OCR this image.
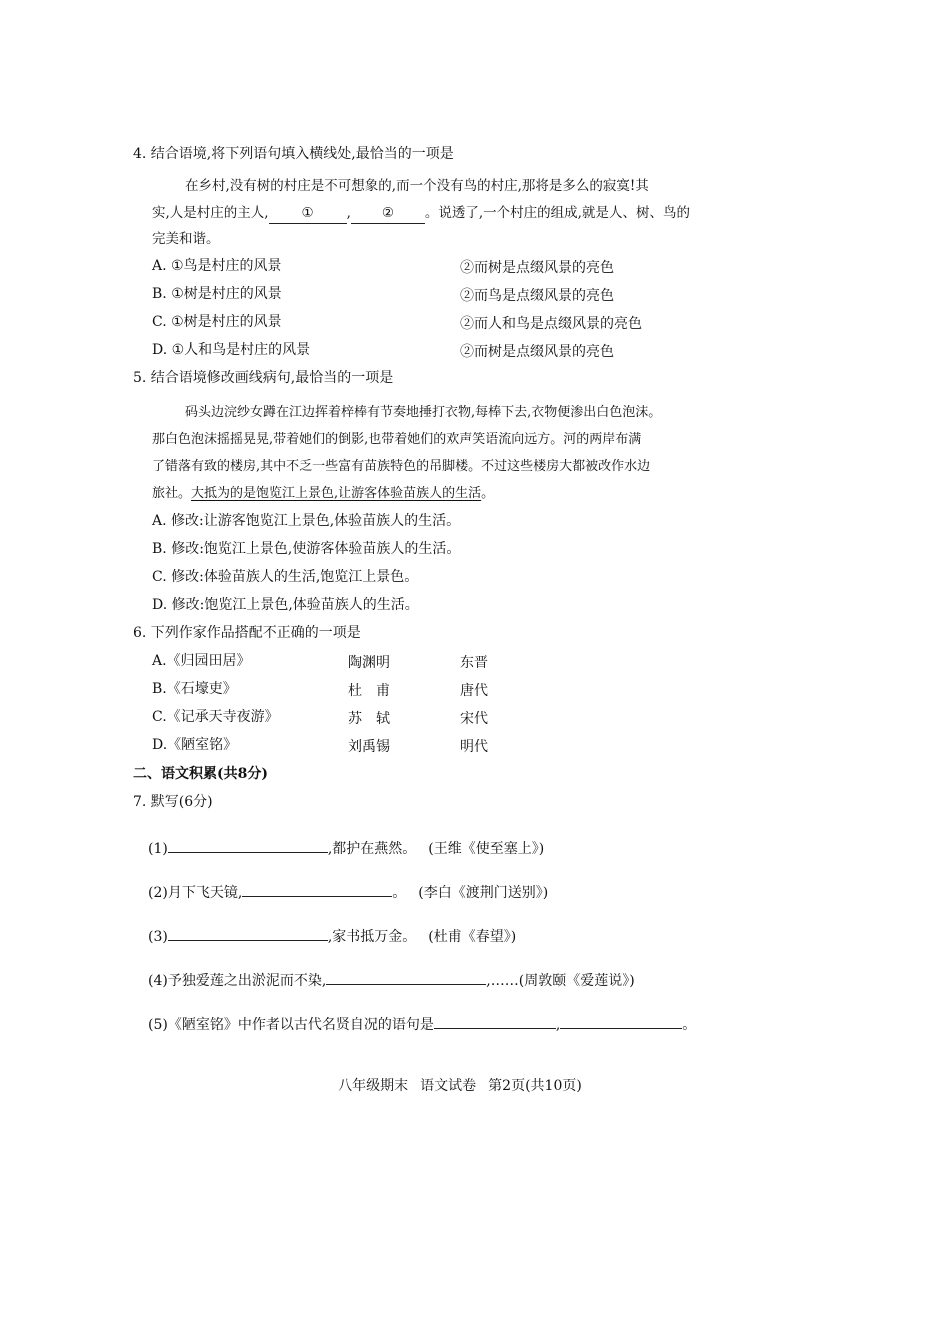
4. 结合语境,将下列语句填入横线处,最恰当的一项是
在乡村,没有树的村庄是不可想象的,而一个没有鸟的村庄,那将是多么的寂寞!其
实,人是村庄的主人, ① , ② 。说透了,一个村庄的组成,就是人、树、鸟的
完美和谐。
A. ①鸟是村庄的风景	②而树是点缀风景的亮色
B. ①树是村庄的风景	②而鸟是点缀风景的亮色
C. ①树是村庄的风景	②而人和鸟是点缀风景的亮色
D. ①人和鸟是村庄的风景	②而树是点缀风景的亮色
5. 结合语境修改画线病句,最恰当的一项是
码头边浣纱女蹲在江边挥着梓棒有节奏地捶打衣物,每棒下去,衣物便渗出白色泡沫。
那白色泡沫摇摇晃晃,带着她们的倒影,也带着她们的欢声笑语流向远方。河的两岸布满
了错落有致的楼房,其中不乏一些富有苗族特色的吊脚楼。不过这些楼房大都被改作水边
旅社。大抵为的是饱览江上景色,让游客体验苗族人的生活。
A. 修改:让游客饱览江上景色,体验苗族人的生活。
B. 修改:饱览江上景色,使游客体验苗族人的生活。
C. 修改:体验苗族人的生活,饱览江上景色。
D. 修改:饱览江上景色,体验苗族人的生活。
6. 下列作家作品搭配不正确的一项是
A.《归园田居》	陶渊明	东晋
B.《石壕吏》	杜　甫	唐代
C.《记承天寺夜游》	苏　轼	宋代
D.《陋室铭》	刘禹锡	明代
二、语文积累(共8分)
7. 默写(6分)
(1)	,都护在燕然。 (王维《使至塞上》)
(2)月下飞天镜,	。 (李白《渡荆门送别》)
(3)	,家书抵万金。 (杜甫《春望》)
(4)予独爱莲之出淤泥而不染,	,……(周敦颐《爱莲说》)
(5)《陋室铭》中作者以古代名贤自况的语句是	,	。
八年级期末 语文试卷 第2页(共10页)
